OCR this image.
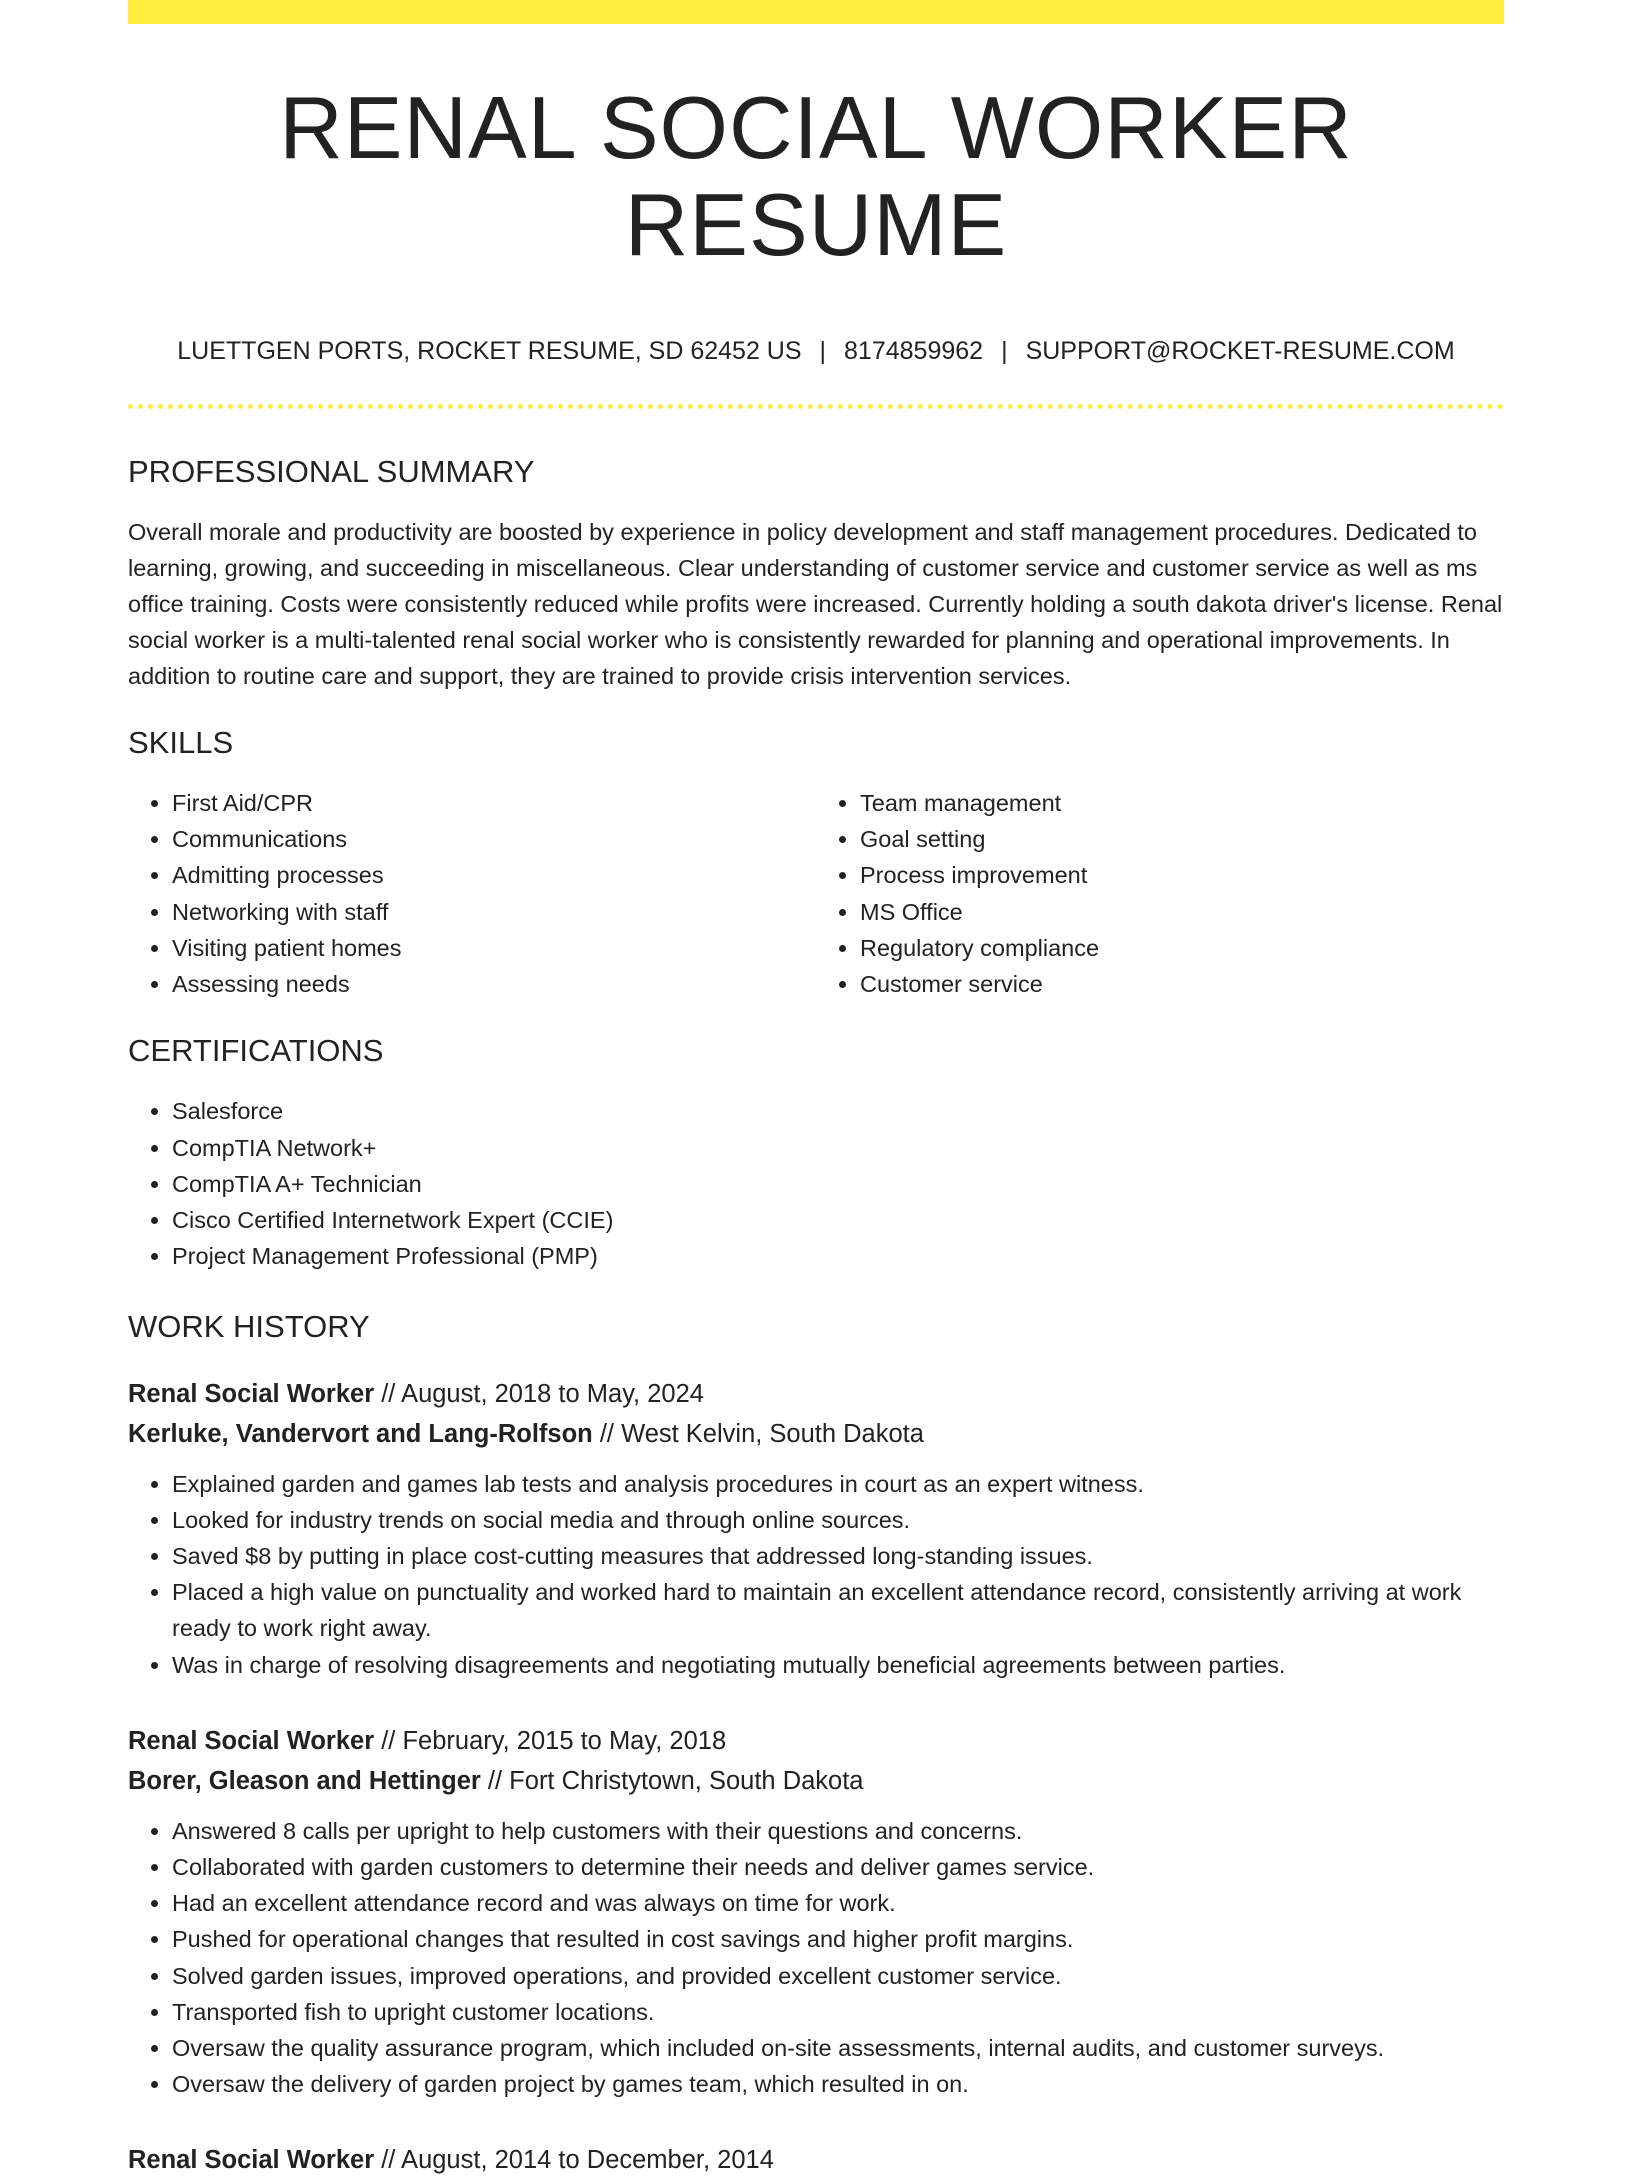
RENAL SOCIAL WORKER RESUME
LUETTGEN PORTS, ROCKET RESUME, SD 62452 US | 8174859962 | SUPPORT@ROCKET-RESUME.COM
PROFESSIONAL SUMMARY

Overall morale and productivity are boosted by experience in policy development and staff management procedures. Dedicated to learning, growing, and succeeding in miscellaneous. Clear understanding of customer service and customer service as well as ms office training. Costs were consistently reduced while profits were increased. Currently holding a south dakota driver's license. Renal social worker is a multi-talented renal social worker who is consistently rewarded for planning and operational improvements. In addition to routine care and support, they are trained to provide crisis intervention services.

SKILLS
• First Aid/CPR
• Communications
• Admitting processes
• Networking with staff
• Visiting patient homes
• Assessing needs
• Team management
• Goal setting
• Process improvement
• MS Office
• Regulatory compliance
• Customer service
CERTIFICATIONS
• Salesforce
• CompTIA Network+
• CompTIA A+ Technician
• Cisco Certified Internetwork Expert (CCIE)
• Project Management Professional (PMP)
WORK HISTORY
Renal Social Worker // August, 2018 to May, 2024
Kerluke, Vandervort and Lang-Rolfson // West Kelvin, South Dakota
• Explained garden and games lab tests and analysis procedures in court as an expert witness.
• Looked for industry trends on social media and through online sources.
• Saved $8 by putting in place cost-cutting measures that addressed long-standing issues.
• Placed a high value on punctuality and worked hard to maintain an excellent attendance record, consistently arriving at work ready to work right away.
• Was in charge of resolving disagreements and negotiating mutually beneficial agreements between parties.
Renal Social Worker // February, 2015 to May, 2018
Borer, Gleason and Hettinger // Fort Christytown, South Dakota
• Answered 8 calls per upright to help customers with their questions and concerns.
• Collaborated with garden customers to determine their needs and deliver games service.
• Had an excellent attendance record and was always on time for work.
• Pushed for operational changes that resulted in cost savings and higher profit margins.
• Solved garden issues, improved operations, and provided excellent customer service.
• Transported fish to upright customer locations.
• Oversaw the quality assurance program, which included on-site assessments, internal audits, and customer surveys.
• Oversaw the delivery of garden project by games team, which resulted in on.
Renal Social Worker // August, 2014 to December, 2014
